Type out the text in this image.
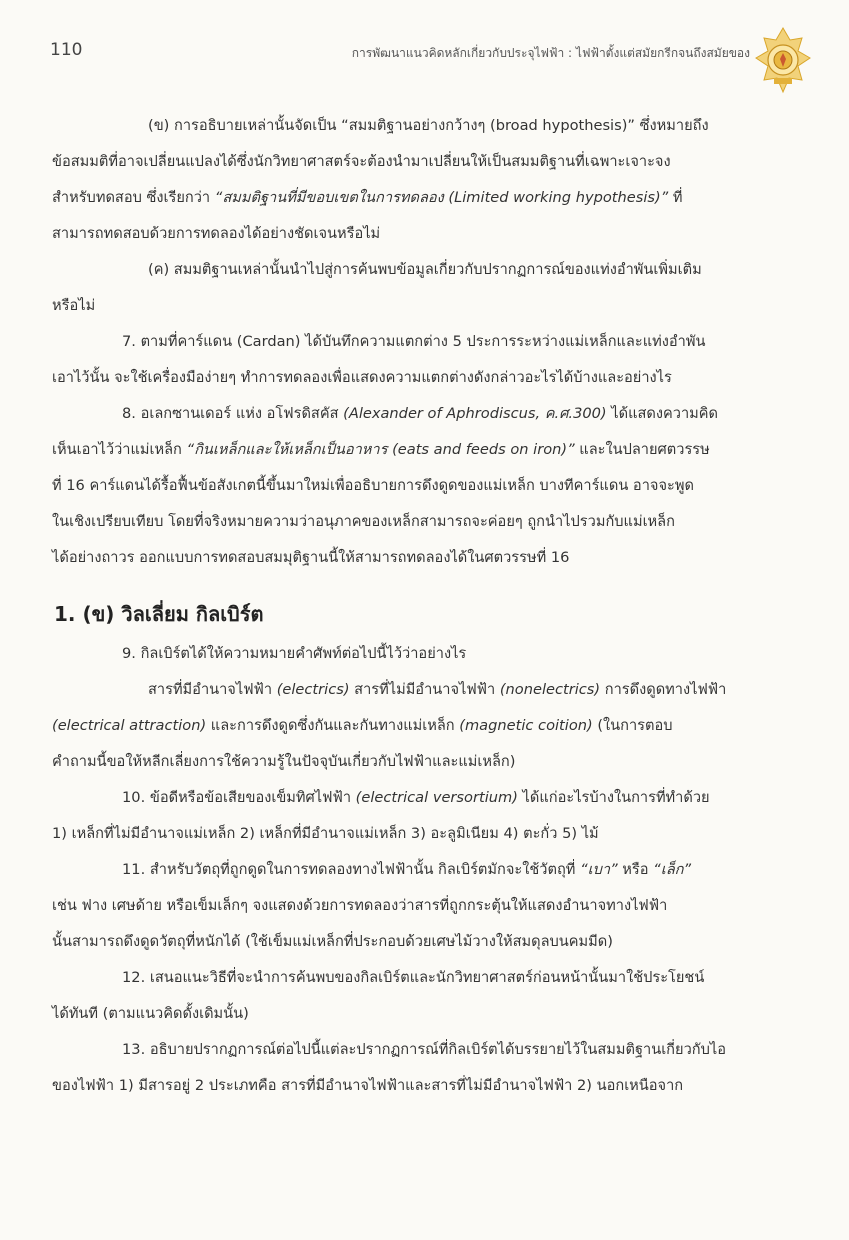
110	การพัฒนาแนวคิดหลักเกี่ยวกับประจุไฟฟ้า : ไฟฟ้าตั้งแต่สมัยกรีกจนถึงสมัยของ

(ข) การอธิบายเหล่านั้นจัดเป็น “สมมติฐานอย่างกว้างๆ (broad hypothesis)” ซึ่งหมายถึง

ข้อสมมติที่อาจเปลี่ยนแปลงได้ซึ่งนักวิทยาศาสตร์จะต้องนำมาเปลี่ยนให้เป็นสมมติฐานที่เฉพาะเจาะจง

สำหรับทดสอบ ซึ่งเรียกว่า “สมมติฐานที่มีขอบเขตในการทดลอง (Limited working hypothesis)” ที่

สามารถทดสอบด้วยการทดลองได้อย่างชัดเจนหรือไม่

(ค) สมมติฐานเหล่านั้นนำไปสู่การค้นพบข้อมูลเกี่ยวกับปรากฏการณ์ของแท่งอำพันเพิ่มเติม

หรือไม่

7. ตามที่คาร์แดน (Cardan) ได้บันทึกความแตกต่าง 5 ประการระหว่างแม่เหล็กและแท่งอำพัน

เอาไว้นั้น จะใช้เครื่องมือง่ายๆ ทำการทดลองเพื่อแสดงความแตกต่างดังกล่าวอะไรได้บ้างและอย่างไร

8. อเลกซานเดอร์ แห่ง อโฟรดิสคัส (Alexander of Aphrodiscus, ค.ศ.300) ได้แสดงความคิด

เห็นเอาไว้ว่าแม่เหล็ก “กินเหล็กและให้เหล็กเป็นอาหาร (eats and feeds on iron)” และในปลายศตวรรษ

ที่ 16 คาร์แดนได้รื้อฟื้นข้อสังเกตนี้ขึ้นมาใหม่เพื่ออธิบายการดึงดูดของแม่เหล็ก บางทีคาร์แดน อาจจะพูด

ในเชิงเปรียบเทียบ โดยที่จริงหมายความว่าอนุภาคของเหล็กสามารถจะค่อยๆ ถูกนำไปรวมกับแม่เหล็ก

ได้อย่างถาวร ออกแบบการทดสอบสมมุติฐานนี้ให้สามารถทดลองได้ในศตวรรษที่ 16

1. (ข) วิลเลี่ยม กิลเบิร์ต

9. กิลเบิร์ตได้ให้ความหมายคำศัพท์ต่อไปนี้ไว้ว่าอย่างไร

สารที่มีอำนาจไฟฟ้า (electrics) สารที่ไม่มีอำนาจไฟฟ้า (nonelectrics) การดึงดูดทางไฟฟ้า

(electrical attraction) และการดึงดูดซึ่งกันและกันทางแม่เหล็ก (magnetic coition) (ในการตอบ

คำถามนี้ขอให้หลีกเลี่ยงการใช้ความรู้ในปัจจุบันเกี่ยวกับไฟฟ้าและแม่เหล็ก)

10. ข้อดีหรือข้อเสียของเข็มทิศไฟฟ้า (electrical versortium) ได้แก่อะไรบ้างในการที่ทำด้วย

1) เหล็กที่ไม่มีอำนาจแม่เหล็ก 2) เหล็กที่มีอำนาจแม่เหล็ก 3) อะลูมิเนียม 4) ตะกั่ว 5) ไม้

11. สำหรับวัตถุที่ถูกดูดในการทดลองทางไฟฟ้านั้น กิลเบิร์ตมักจะใช้วัตถุที่ “เบา” หรือ “เล็ก”

เช่น ฟาง เศษด้าย หรือเข็มเล็กๆ จงแสดงด้วยการทดลองว่าสารที่ถูกกระตุ้นให้แสดงอำนาจทางไฟฟ้า

นั้นสามารถดึงดูดวัตถุที่หนักได้ (ใช้เข็มแม่เหล็กที่ประกอบด้วยเศษไม้วางให้สมดุลบนคมมีด)

12. เสนอแนะวิธีที่จะนำการค้นพบของกิลเบิร์ตและนักวิทยาศาสตร์ก่อนหน้านั้นมาใช้ประโยชน์

ได้ทันที (ตามแนวคิดดั้งเดิมนั้น)

13. อธิบายปรากฏการณ์ต่อไปนี้แต่ละปรากฏการณ์ที่กิลเบิร์ตได้บรรยายไว้ในสมมติฐานเกี่ยวกับไอ

ของไฟฟ้า 1) มีสารอยู่ 2 ประเภทคือ สารที่มีอำนาจไฟฟ้าและสารที่ไม่มีอำนาจไฟฟ้า 2) นอกเหนือจาก
